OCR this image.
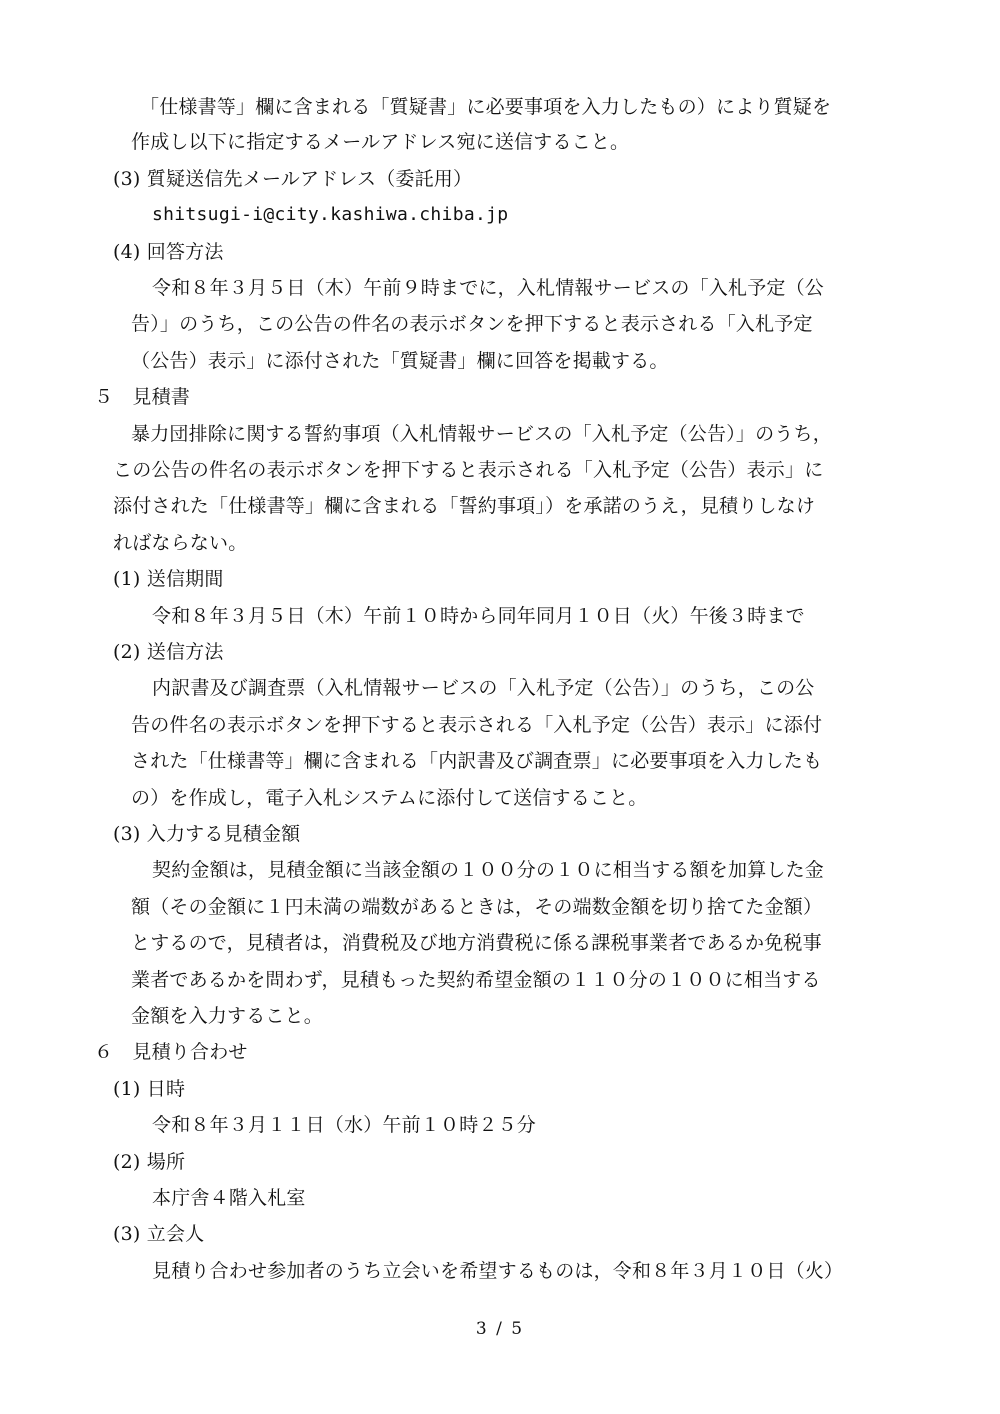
「仕様書等」欄に含まれる「質疑書」に必要事項を入力したもの）により質疑を
作成し以下に指定するメールアドレス宛に送信すること。
(3) 質疑送信先メールアドレス（委託用）
shitsugi-i@city.kashiwa.chiba.jp
(4) 回答方法
令和８年３月５日（木）午前９時までに，入札情報サービスの「入札予定（公
告）」のうち，この公告の件名の表示ボタンを押下すると表示される「入札予定
（公告）表示」に添付された「質疑書」欄に回答を掲載する。
５　見積書
暴力団排除に関する誓約事項（入札情報サービスの「入札予定（公告）」のうち，
この公告の件名の表示ボタンを押下すると表示される「入札予定（公告）表示」に
添付された「仕様書等」欄に含まれる「誓約事項」）を承諾のうえ，見積りしなけ
ればならない。
(1) 送信期間
令和８年３月５日（木）午前１０時から同年同月１０日（火）午後３時まで
(2) 送信方法
内訳書及び調査票（入札情報サービスの「入札予定（公告）」のうち，この公
告の件名の表示ボタンを押下すると表示される「入札予定（公告）表示」に添付
された「仕様書等」欄に含まれる「内訳書及び調査票」に必要事項を入力したも
の）を作成し，電子入札システムに添付して送信すること。
(3) 入力する見積金額
契約金額は，見積金額に当該金額の１００分の１０に相当する額を加算した金
額（その金額に１円未満の端数があるときは，その端数金額を切り捨てた金額）
とするので，見積者は，消費税及び地方消費税に係る課税事業者であるか免税事
業者であるかを問わず，見積もった契約希望金額の１１０分の１００に相当する
金額を入力すること。
６　見積り合わせ
(1) 日時
令和８年３月１１日（水）午前１０時２５分
(2) 場所
本庁舎４階入札室
(3) 立会人
見積り合わせ参加者のうち立会いを希望するものは，令和８年３月１０日（火）
3 / 5
